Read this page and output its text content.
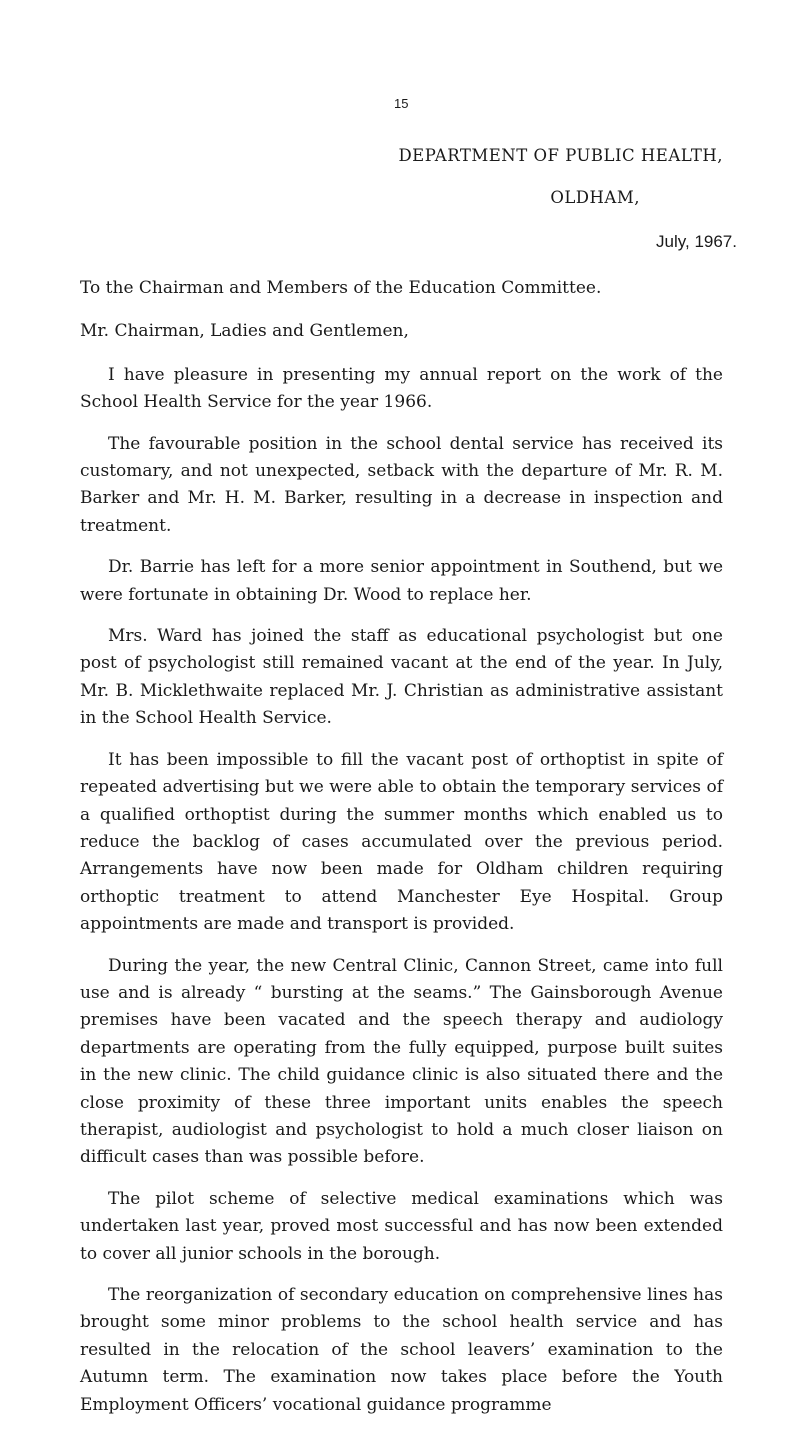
15
DEPARTMENT OF PUBLIC HEALTH,
OLDHAM,
July, 1967.

To the Chairman and Members of the Education Committee.

Mr. Chairman, Ladies and Gentlemen,

I have pleasure in presenting my annual report on the work of the School Health Service for the year 1966.

The favourable position in the school dental service has received its customary, and not unexpected, setback with the departure of Mr. R. M. Barker and Mr. H. M. Barker, resulting in a decrease in inspection and treatment.

Dr. Barrie has left for a more senior appointment in Southend, but we were fortunate in obtaining Dr. Wood to replace her.

Mrs. Ward has joined the staff as educational psychologist but one post of psychologist still remained vacant at the end of the year. In July, Mr. B. Micklethwaite replaced Mr. J. Christian as administrative assistant in the School Health Service.

It has been impossible to fill the vacant post of orthoptist in spite of repeated advertising but we were able to obtain the temporary services of a qualified orthoptist during the summer months which enabled us to reduce the backlog of cases accumulated over the previous period. Arrangements have now been made for Oldham children requiring orthoptic treatment to attend Manchester Eye Hospital. Group appointments are made and transport is provided.

During the year, the new Central Clinic, Cannon Street, came into full use and is already “ bursting at the seams.” The Gainsborough Avenue premises have been vacated and the speech therapy and audiology departments are operating from the fully equipped, purpose built suites in the new clinic. The child guidance clinic is also situated there and the close proximity of these three important units enables the speech therapist, audiologist and psychologist to hold a much closer liaison on difficult cases than was possible before.

The pilot scheme of selective medical examinations which was undertaken last year, proved most successful and has now been extended to cover all junior schools in the borough.

The reorganization of secondary education on comprehensive lines has brought some minor problems to the school health service and has resulted in the relocation of the school leavers’ examination to the Autumn term. The examination now takes place before the Youth Employment Officers’ vocational guidance programme
